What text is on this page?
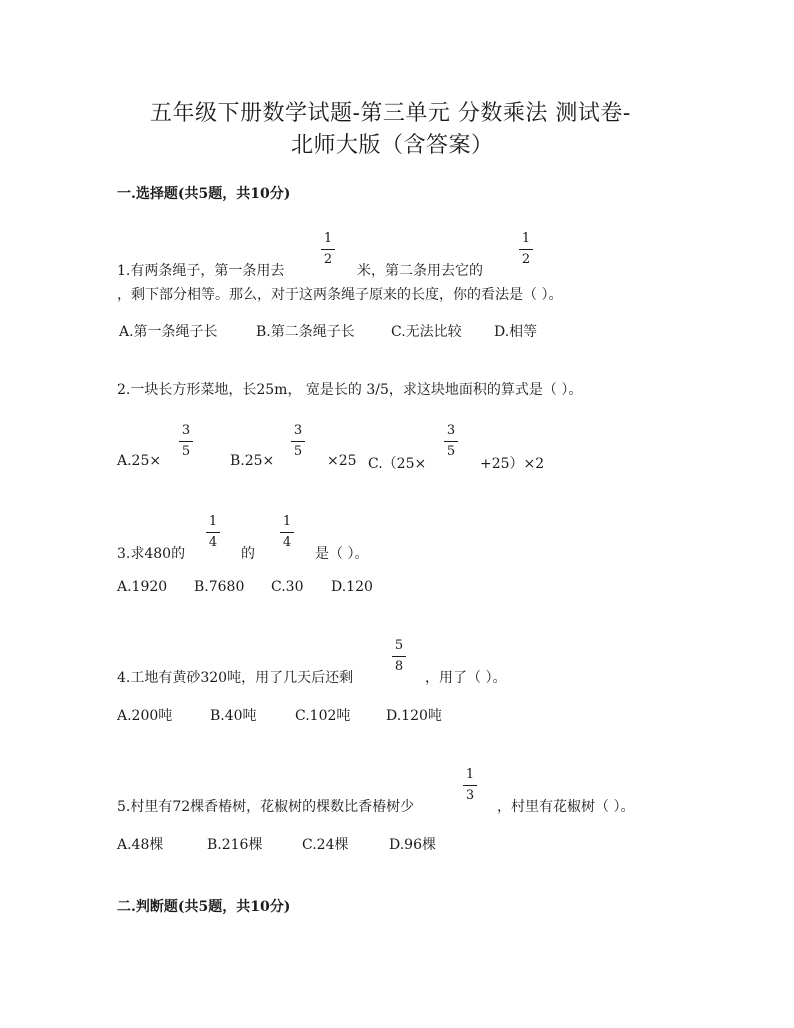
五年级下册数学试题-第三单元 分数乘法 测试卷-
北师大版（含答案）
一.选择题(共5题，共10分)
1.有两条绳子，第一条用去
1
2
米，第二条用去它的
1
2
，剩下部分相等。那么，对于这两条绳子原来的长度，你的看法是（ ）。
A.第一条绳子长	B.第二条绳子长	C.无法比较 D.相等
2.一块长方形菜地，长25m， 宽是长的 3/5，求这块地面积的算式是（ ）。
A.25×
3
5
B.25×
3
5
×25 C.（25×
3
5
+25）×2
3.求480的
1
4
的
1
4
是（ ）。
A.1920 B.7680 C.30 D.120
4.工地有黄砂320吨，用了几天后还剩
5
8
，用了（ ）。
A.200吨	B.40吨	C.102吨	D.120吨
5.村里有72棵香椿树，花椒树的棵数比香椿树少
1
3
，村里有花椒树（ ）。
A.48棵	B.216棵	C.24棵	D.96棵
二.判断题(共5题，共10分)
